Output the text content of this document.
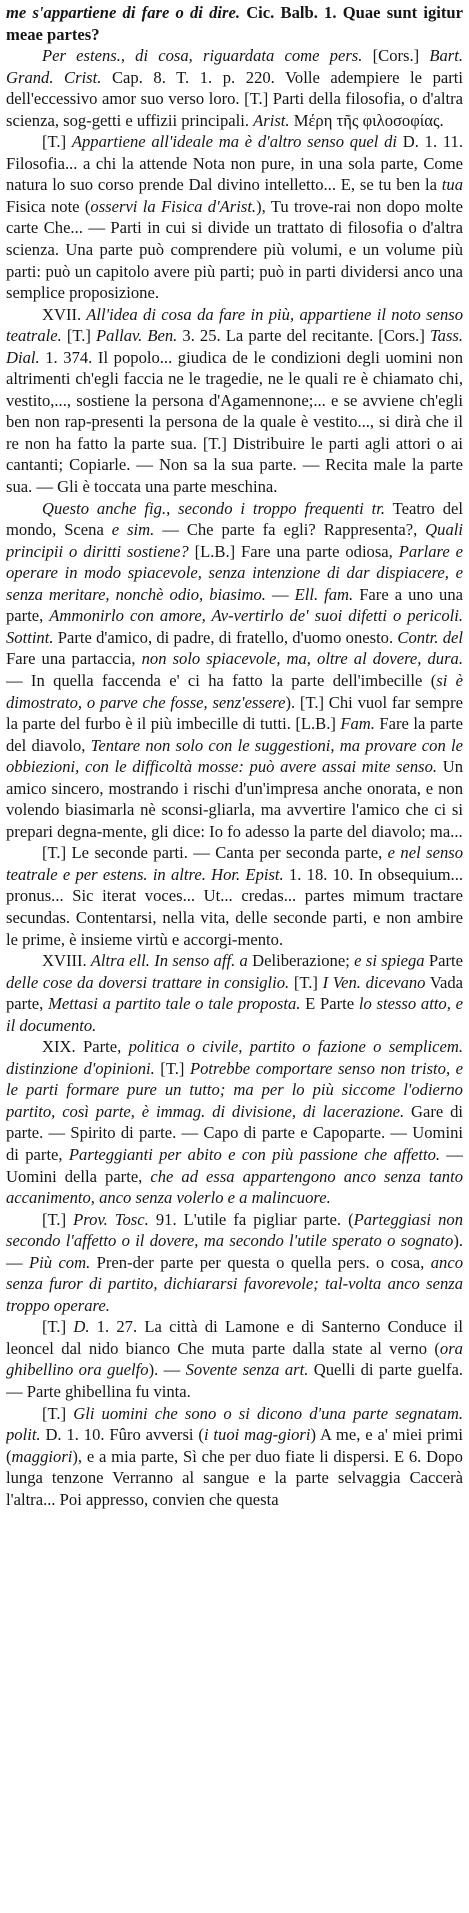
me s'appartiene di fare o di dire. Cic. Balb. 1. Quae sunt igitur meae partes?

Per estens., di cosa, riguardata come pers. [Cors.] Bart. Grand. Crist. Cap. 8. T. 1. p. 220. Volle adempiere le parti dell'eccessivo amor suo verso loro. [T.] Parti della filosofia, o d'altra scienza, sog-getti e uffizii principali. Arist. Μέρη τῆς φιλοσοφίας.

[T.] Appartiene all'ideale ma è d'altro senso quel di D. 1. 11. Filosofia... a chi la attende Nota non pure, in una sola parte, Come natura lo suo corso prende Dal divino intelletto... E, se tu ben la tua Fisica note (osservi la Fisica d'Arist.), Tu trove-rai non dopo molte carte Che... — Parti in cui si divide un trattato di filosofia o d'altra scienza. Una parte può comprendere più volumi, e un volume più parti: può un capitolo avere più parti; può in parti dividersi anco una semplice proposizione.

XVII. All'idea di cosa da fare in più, appartiene il noto senso teatrale. [T.] Pallav. Ben. 3. 25. La parte del recitante. [Cors.] Tass. Dial. 1. 374. Il popolo... giudica de le condizioni degli uomini non altrimenti ch'egli faccia ne le tragedie, ne le quali re è chiamato chi, vestito,..., sostiene la persona d'Agamennone;... e se avviene ch'egli ben non rap-presenti la persona de la quale è vestito..., si dirà che il re non ha fatto la parte sua. [T.] Distribuire le parti agli attori o ai cantanti; Copiarle. — Non sa la sua parte. — Recita male la parte sua. — Gli è toccata una parte meschina.

Questo anche fig., secondo i troppo frequenti tr. Teatro del mondo, Scena e sim. — Che parte fa egli? Rappresenta?, Quali principii o diritti sostiene? [L.B.] Fare una parte odiosa, Parlare e operare in modo spiacevole, senza intenzione di dar dispiacere, e senza meritare, nonchè odio, biasimo. — Ell. fam. Fare a uno una parte, Ammonirlo con amore, Av-vertirlo de' suoi difetti o pericoli. Sottint. Parte d'amico, di padre, di fratello, d'uomo onesto. Contr. del Fare una partaccia, non solo spiacevole, ma, oltre al dovere, dura. — In quella faccenda e' ci ha fatto la parte dell'imbecille (si è dimostrato, o parve che fosse, senz'essere). [T.] Chi vuol far sempre la parte del furbo è il più imbecille di tutti. [L.B.] Fam. Fare la parte del diavolo, Tentare non solo con le suggestioni, ma provare con le obbiezioni, con le difficoltà mosse: può avere assai mite senso. Un amico sincero, mostrando i rischi d'un'impresa anche onorata, e non volendo biasimarla nè sconsi-gliarla, ma avvertire l'amico che ci si prepari degna-mente, gli dice: Io fo adesso la parte del diavolo; ma...

[T.] Le seconde parti. — Canta per seconda parte, e nel senso teatrale e per estens. in altre. Hor. Epist. 1. 18. 10. In obsequium... pronus... Sic iterat voces... Ut... credas... partes mimum tractare secundas. Contentarsi, nella vita, delle seconde parti, e non ambire le prime, è insieme virtù e accorgi-mento.

XVIII. Altra ell. In senso aff. a Deliberazione; e si spiega Parte delle cose da doversi trattare in consiglio. [T.] I Ven. dicevano Vada parte, Mettasi a partito tale o tale proposta. E Parte lo stesso atto, e il documento.

XIX. Parte, politica o civile, partito o fazione o semplicem. distinzione d'opinioni. [T.] Potrebbe comportare senso non tristo, e le parti formare pure un tutto; ma per lo più siccome l'odierno partito, così parte, è immag. di divisione, di lacerazione. Gare di parte. — Spirito di parte. — Capo di parte e Capoparte. — Uomini di parte, Parteggianti per abito e con più passione che affetto. — Uomini della parte, che ad essa appartengono anco senza tanto accanimento, anco senza volerlo e a malincuore.

[T.] Prov. Tosc. 91. L'utile fa pigliar parte. (Parteggiasi non secondo l'affetto o il dovere, ma secondo l'utile sperato o sognato). — Più com. Pren-der parte per questa o quella pers. o cosa, anco senza furor di partito, dichiararsi favorevole; tal-volta anco senza troppo operare.

[T.] D. 1. 27. La città di Lamone e di Santerno Conduce il leoncel dal nido bianco Che muta parte dalla state al verno (ora ghibellino ora guelfo). — Sovente senza art. Quelli di parte guelfa. — Parte ghibellina fu vinta.

[T.] Gli uomini che sono o si dicono d'una parte segnatam. polit. D. 1. 10. Fûro avversi (i tuoi mag-giori) A me, e a' miei primi (maggiori), e a mia parte, Sì che per duo fiate li dispersi. E 6. Dopo lunga tenzone Verranno al sangue e la parte selvaggia Caccerà l'altra... Poi appresso, convien che questa
